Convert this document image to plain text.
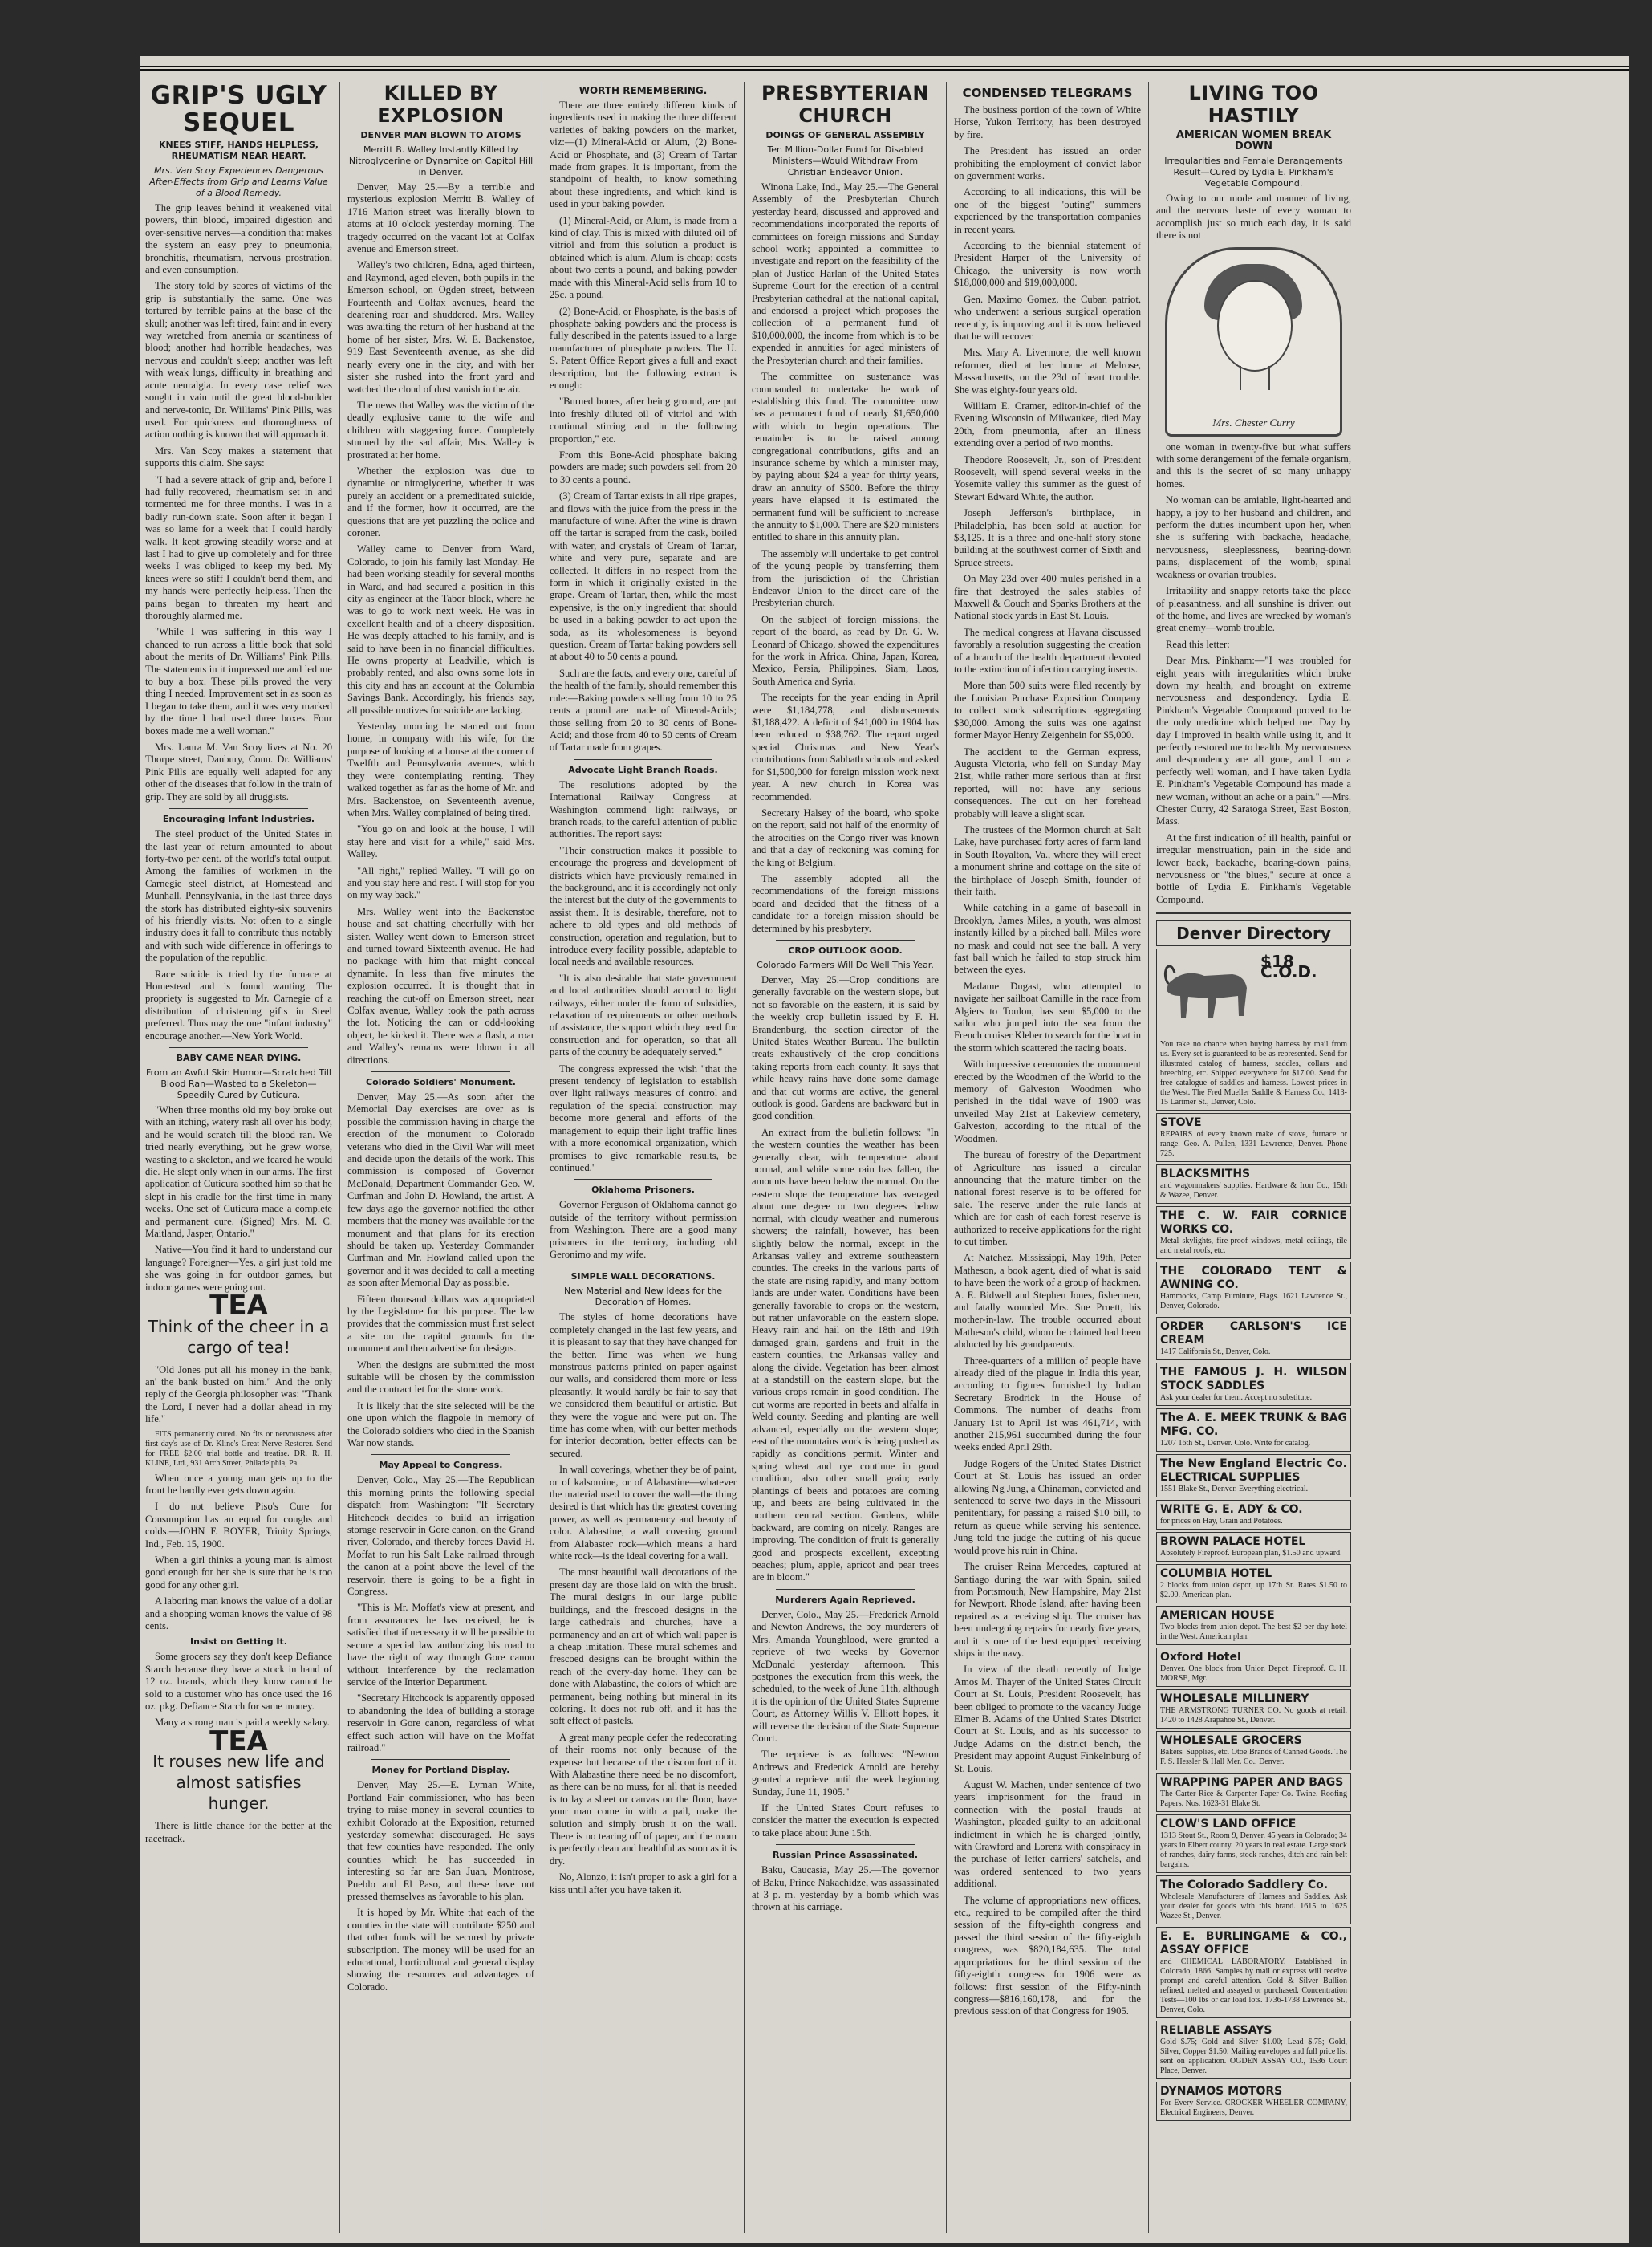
GRIP'S UGLY SEQUEL
KNEES STIFF, HANDS HELPLESS, RHEUMATISM NEAR HEART.
Mrs. Van Scoy Experiences Dangerous After-Effects from Grip and Learns Value of a Blood Remedy.

The grip leaves behind it weakened vital powers, thin blood, impaired digestion and over-sensitive nerves—a condition that makes the system an easy prey to pneumonia, bronchitis, rheumatism, nervous prostration, and even consumption.

The story told by scores of victims of the grip is substantially the same. One was tortured by terrible pains at the base of the skull; another was left tired, faint and in every way wretched from anemia or scantiness of blood; another had horrible headaches, was nervous and couldn't sleep; another was left with weak lungs, difficulty in breathing and acute neuralgia. In every case relief was sought in vain until the great blood-builder and nerve-tonic, Dr. Williams' Pink Pills, was used. For quickness and thoroughness of action nothing is known that will approach it.

Mrs. Van Scoy makes a statement that supports this claim. She says:

"I had a severe attack of grip and, before I had fully recovered, rheumatism set in and tormented me for three months. I was in a badly run-down state. Soon after it began I was so lame for a week that I could hardly walk. It kept growing steadily worse and at last I had to give up completely and for three weeks I was obliged to keep my bed. My knees were so stiff I couldn't bend them, and my hands were perfectly helpless. Then the pains began to threaten my heart and thoroughly alarmed me.

"While I was suffering in this way I chanced to run across a little book that sold about the merits of Dr. Williams' Pink Pills. The statements in it impressed me and led me to buy a box. These pills proved the very thing I needed. Improvement set in as soon as I began to take them, and it was very marked by the time I had used three boxes. Four boxes made me a well woman."

Mrs. Laura M. Van Scoy lives at No. 20 Thorpe street, Danbury, Conn. Dr. Williams' Pink Pills are equally well adapted for any other of the diseases that follow in the train of grip. They are sold by all druggists.

Encouraging Infant Industries.

The steel product of the United States in the last year of return amounted to about forty-two per cent. of the world's total output. Among the families of workmen in the Carnegie steel district, at Homestead and Munhall, Pennsylvania, in the last three days the stork has distributed eighty-six souvenirs of his friendly visits. Not often to a single industry does it fall to contribute thus notably and with such wide difference in offerings to the population of the republic.

Race suicide is tried by the furnace at Homestead and is found wanting. The propriety is suggested to Mr. Carnegie of a distribution of christening gifts in Steel preferred. Thus may the one "infant industry" encourage another.—New York World.

BABY CAME NEAR DYING.
From an Awful Skin Humor—Scratched Till Blood Ran—Wasted to a Skeleton—Speedily Cured by Cuticura.

"When three months old my boy broke out with an itching, watery rash all over his body, and he would scratch till the blood ran. We tried nearly everything, but he grew worse, wasting to a skeleton, and we feared he would die. He slept only when in our arms. The first application of Cuticura soothed him so that he slept in his cradle for the first time in many weeks. One set of Cuticura made a complete and permanent cure. (Signed) Mrs. M. C. Maitland, Jasper, Ontario."

Native—You find it hard to understand our language? Foreigner—Yes, a girl just told me she was going in for outdoor games, but indoor games were going out.

TEA
Think of the cheer in a cargo of tea!

"Old Jones put all his money in the bank, an' the bank busted on him." And the only reply of the Georgia philosopher was: "Thank the Lord, I never had a dollar ahead in my life."

FITS permanently cured. No fits or nervousness after first day's use of Dr. Kline's Great Nerve Restorer. Send for FREE $2.00 trial bottle and treatise. DR. R. H. KLINE, Ltd., 931 Arch Street, Philadelphia, Pa.

When once a young man gets up to the front he hardly ever gets down again.

I do not believe Piso's Cure for Consumption has an equal for coughs and colds.—JOHN F. BOYER, Trinity Springs, Ind., Feb. 15, 1900.

When a girl thinks a young man is almost good enough for her she is sure that he is too good for any other girl.

A laboring man knows the value of a dollar and a shopping woman knows the value of 98 cents.

Insist on Getting It.

Some grocers say they don't keep Defiance Starch because they have a stock in hand of 12 oz. brands, which they know cannot be sold to a customer who has once used the 16 oz. pkg. Defiance Starch for same money.

Many a strong man is paid a weekly salary.

TEA
It rouses new life and almost satisfies hunger.

There is little chance for the better at the racetrack.

KILLED BY EXPLOSION
DENVER MAN BLOWN TO ATOMS
Merritt B. Walley Instantly Killed by Nitroglycerine or Dynamite on Capitol Hill in Denver.

Denver, May 25.—By a terrible and mysterious explosion Merritt B. Walley of 1716 Marion street was literally blown to atoms at 10 o'clock yesterday morning. The tragedy occurred on the vacant lot at Colfax avenue and Emerson street.

Walley's two children, Edna, aged thirteen, and Raymond, aged eleven, both pupils in the Emerson school, on Ogden street, between Fourteenth and Colfax avenues, heard the deafening roar and shuddered. Mrs. Walley was awaiting the return of her husband at the home of her sister, Mrs. W. E. Backenstoe, 919 East Seventeenth avenue, as she did nearly every one in the city, and with her sister she rushed into the front yard and watched the cloud of dust vanish in the air.

The news that Walley was the victim of the deadly explosive came to the wife and children with staggering force. Completely stunned by the sad affair, Mrs. Walley is prostrated at her home.

Whether the explosion was due to dynamite or nitroglycerine, whether it was purely an accident or a premeditated suicide, and if the former, how it occurred, are the questions that are yet puzzling the police and coroner.

Walley came to Denver from Ward, Colorado, to join his family last Monday. He had been working steadily for several months in Ward, and had secured a position in this city as engineer at the Tabor block, where he was to go to work next week. He was in excellent health and of a cheery disposition. He was deeply attached to his family, and is said to have been in no financial difficulties. He owns property at Leadville, which is probably rented, and also owns some lots in this city and has an account at the Columbia Savings Bank. Accordingly, his friends say, all possible motives for suicide are lacking.

Yesterday morning he started out from home, in company with his wife, for the purpose of looking at a house at the corner of Twelfth and Pennsylvania avenues, which they were contemplating renting. They walked together as far as the home of Mr. and Mrs. Backenstoe, on Seventeenth avenue, when Mrs. Walley complained of being tired.

"You go on and look at the house, I will stay here and visit for a while," said Mrs. Walley.

"All right," replied Walley. "I will go on and you stay here and rest. I will stop for you on my way back."

Mrs. Walley went into the Backenstoe house and sat chatting cheerfully with her sister. Walley went down to Emerson street and turned toward Sixteenth avenue. He had no package with him that might conceal dynamite. In less than five minutes the explosion occurred. It is thought that in reaching the cut-off on Emerson street, near Colfax avenue, Walley took the path across the lot. Noticing the can or odd-looking object, he kicked it. There was a flash, a roar and Walley's remains were blown in all directions.

Colorado Soldiers' Monument.

Denver, May 25.—As soon after the Memorial Day exercises are over as is possible the commission having in charge the erection of the monument to Colorado veterans who died in the Civil War will meet and decide upon the details of the work. This commission is composed of Governor McDonald, Department Commander Geo. W. Curfman and John D. Howland, the artist. A few days ago the governor notified the other members that the money was available for the monument and that plans for its erection should be taken up. Yesterday Commander Curfman and Mr. Howland called upon the governor and it was decided to call a meeting as soon after Memorial Day as possible.

Fifteen thousand dollars was appropriated by the Legislature for this purpose. The law provides that the commission must first select a site on the capitol grounds for the monument and then advertise for designs.

When the designs are submitted the most suitable will be chosen by the commission and the contract let for the stone work.

It is likely that the site selected will be the one upon which the flagpole in memory of the Colorado soldiers who died in the Spanish War now stands.

May Appeal to Congress.

Denver, Colo., May 25.—The Republican this morning prints the following special dispatch from Washington: "If Secretary Hitchcock decides to build an irrigation storage reservoir in Gore canon, on the Grand river, Colorado, and thereby forces David H. Moffat to run his Salt Lake railroad through the canon at a point above the level of the reservoir, there is going to be a fight in Congress.

"This is Mr. Moffat's view at present, and from assurances he has received, he is satisfied that if necessary it will be possible to secure a special law authorizing his road to have the right of way through Gore canon without interference by the reclamation service of the Interior Department.

"Secretary Hitchcock is apparently opposed to abandoning the idea of building a storage reservoir in Gore canon, regardless of what effect such action will have on the Moffat railroad."

Money for Portland Display.

Denver, May 25.—E. Lyman White, Portland Fair commissioner, who has been trying to raise money in several counties to exhibit Colorado at the Exposition, returned yesterday somewhat discouraged. He says that few counties have responded. The only counties which he has succeeded in interesting so far are San Juan, Montrose, Pueblo and El Paso, and these have not pressed themselves as favorable to his plan.

It is hoped by Mr. White that each of the counties in the state will contribute $250 and that other funds will be secured by private subscription. The money will be used for an educational, horticultural and general display showing the resources and advantages of Colorado.

WORTH REMEMBERING.

There are three entirely different kinds of ingredients used in making the three different varieties of baking powders on the market, viz:—(1) Mineral-Acid or Alum, (2) Bone-Acid or Phosphate, and (3) Cream of Tartar made from grapes. It is important, from the standpoint of health, to know something about these ingredients, and which kind is used in your baking powder.

(1) Mineral-Acid, or Alum, is made from a kind of clay. This is mixed with diluted oil of vitriol and from this solution a product is obtained which is alum. Alum is cheap; costs about two cents a pound, and baking powder made with this Mineral-Acid sells from 10 to 25c. a pound.

(2) Bone-Acid, or Phosphate, is the basis of phosphate baking powders and the process is fully described in the patents issued to a large manufacturer of phosphate powders. The U. S. Patent Office Report gives a full and exact description, but the following extract is enough:

"Burned bones, after being ground, are put into freshly diluted oil of vitriol and with continual stirring and in the following proportion," etc.

From this Bone-Acid phosphate baking powders are made; such powders sell from 20 to 30 cents a pound.

(3) Cream of Tartar exists in all ripe grapes, and flows with the juice from the press in the manufacture of wine. After the wine is drawn off the tartar is scraped from the cask, boiled with water, and crystals of Cream of Tartar, white and very pure, separate and are collected. It differs in no respect from the form in which it originally existed in the grape. Cream of Tartar, then, while the most expensive, is the only ingredient that should be used in a baking powder to act upon the soda, as its wholesomeness is beyond question. Cream of Tartar baking powders sell at about 40 to 50 cents a pound.

Such are the facts, and every one, careful of the health of the family, should remember this rule:—Baking powders selling from 10 to 25 cents a pound are made of Mineral-Acids; those selling from 20 to 30 cents of Bone-Acid; and those from 40 to 50 cents of Cream of Tartar made from grapes.

Advocate Light Branch Roads.

The resolutions adopted by the International Railway Congress at Washington commend light railways, or branch roads, to the careful attention of public authorities. The report says:

"Their construction makes it possible to encourage the progress and development of districts which have previously remained in the background, and it is accordingly not only the interest but the duty of the governments to assist them. It is desirable, therefore, not to adhere to old types and old methods of construction, operation and regulation, but to introduce every facility possible, adaptable to local needs and available resources.

"It is also desirable that state government and local authorities should accord to light railways, either under the form of subsidies, relaxation of requirements or other methods of assistance, the support which they need for construction and for operation, so that all parts of the country be adequately served."

The congress expressed the wish "that the present tendency of legislation to establish over light railways measures of control and regulation of the special construction may become more general and efforts of the management to equip their light traffic lines with a more economical organization, which promises to give remarkable results, be continued."

Oklahoma Prisoners.

Governor Ferguson of Oklahoma cannot go outside of the territory without permission from Washington. There are a good many prisoners in the territory, including old Geronimo and my wife.

SIMPLE WALL DECORATIONS.
New Material and New Ideas for the Decoration of Homes.

The styles of home decorations have completely changed in the last few years, and it is pleasant to say that they have changed for the better. Time was when we hung monstrous patterns printed on paper against our walls, and considered them more or less pleasantly. It would hardly be fair to say that we considered them beautiful or artistic. But they were the vogue and were put on. The time has come when, with our better methods for interior decoration, better effects can be secured.

In wall coverings, whether they be of paint, or of kalsomine, or of Alabastine—whatever the material used to cover the wall—the thing desired is that which has the greatest covering power, as well as permanency and beauty of color. Alabastine, a wall covering ground from Alabaster rock—which means a hard white rock—is the ideal covering for a wall.

The most beautiful wall decorations of the present day are those laid on with the brush. The mural designs in our large public buildings, and the frescoed designs in the large cathedrals and churches, have a permanency and an art of which wall paper is a cheap imitation. These mural schemes and frescoed designs can be brought within the reach of the every-day home. They can be done with Alabastine, the colors of which are permanent, being nothing but mineral in its coloring. It does not rub off, and it has the soft effect of pastels.

A great many people defer the redecorating of their rooms not only because of the expense but because of the discomfort of it. With Alabastine there need be no discomfort, as there can be no muss, for all that is needed is to lay a sheet or canvas on the floor, have your man come in with a pail, make the solution and simply brush it on the wall. There is no tearing off of paper, and the room is perfectly clean and healthful as soon as it is dry.

No, Alonzo, it isn't proper to ask a girl for a kiss until after you have taken it.

PRESBYTERIAN CHURCH
DOINGS OF GENERAL ASSEMBLY
Ten Million-Dollar Fund for Disabled Ministers—Would Withdraw From Christian Endeavor Union.

Winona Lake, Ind., May 25.—The General Assembly of the Presbyterian Church yesterday heard, discussed and approved and recommendations incorporated the reports of committees on foreign missions and Sunday school work; appointed a committee to investigate and report on the feasibility of the plan of Justice Harlan of the United States Supreme Court for the erection of a central Presbyterian cathedral at the national capital, and endorsed a project which proposes the collection of a permanent fund of $10,000,000, the income from which is to be expended in annuities for aged ministers of the Presbyterian church and their families.

The committee on sustenance was commanded to undertake the work of establishing this fund. The committee now has a permanent fund of nearly $1,650,000 with which to begin operations. The remainder is to be raised among congregational contributions, gifts and an insurance scheme by which a minister may, by paying about $24 a year for thirty years, draw an annuity of $500. Before the thirty years have elapsed it is estimated the permanent fund will be sufficient to increase the annuity to $1,000. There are $20 ministers entitled to share in this annuity plan.

The assembly will undertake to get control of the young people by transferring them from the jurisdiction of the Christian Endeavor Union to the direct care of the Presbyterian church.

On the subject of foreign missions, the report of the board, as read by Dr. G. W. Leonard of Chicago, showed the expenditures for the work in Africa, China, Japan, Korea, Mexico, Persia, Philippines, Siam, Laos, South America and Syria.

The receipts for the year ending in April were $1,184,778, and disbursements $1,188,422. A deficit of $41,000 in 1904 has been reduced to $38,762. The report urged special Christmas and New Year's contributions from Sabbath schools and asked for $1,500,000 for foreign mission work next year. A new church in Korea was recommended.

Secretary Halsey of the board, who spoke on the report, said not half of the enormity of the atrocities on the Congo river was known and that a day of reckoning was coming for the king of Belgium.

The assembly adopted all the recommendations of the foreign missions board and decided that the fitness of a candidate for a foreign mission should be determined by his presbytery.

CROP OUTLOOK GOOD.
Colorado Farmers Will Do Well This Year.

Denver, May 25.—Crop conditions are generally favorable on the western slope, but not so favorable on the eastern, it is said by the weekly crop bulletin issued by F. H. Brandenburg, the section director of the United States Weather Bureau. The bulletin treats exhaustively of the crop conditions taking reports from each county. It says that while heavy rains have done some damage and that cut worms are active, the general outlook is good. Gardens are backward but in good condition.

An extract from the bulletin follows: "In the western counties the weather has been generally clear, with temperature about normal, and while some rain has fallen, the amounts have been below the normal. On the eastern slope the temperature has averaged about one degree or two degrees below normal, with cloudy weather and numerous showers; the rainfall, however, has been slightly below the normal, except in the Arkansas valley and extreme southeastern counties. The creeks in the various parts of the state are rising rapidly, and many bottom lands are under water. Conditions have been generally favorable to crops on the western, but rather unfavorable on the eastern slope. Heavy rain and hail on the 18th and 19th damaged grain, gardens and fruit in the eastern counties, the Arkansas valley and along the divide. Vegetation has been almost at a standstill on the eastern slope, but the various crops remain in good condition. The cut worms are reported in beets and alfalfa in Weld county. Seeding and planting are well advanced, especially on the western slope; east of the mountains work is being pushed as rapidly as conditions permit. Winter and spring wheat and rye continue in good condition, also other small grain; early plantings of beets and potatoes are coming up, and beets are being cultivated in the northern central section. Gardens, while backward, are coming on nicely. Ranges are improving. The condition of fruit is generally good and prospects excellent, excepting peaches; plum, apple, apricot and pear trees are in bloom."

Murderers Again Reprieved.

Denver, Colo., May 25.—Frederick Arnold and Newton Andrews, the boy murderers of Mrs. Amanda Youngblood, were granted a reprieve of two weeks by Governor McDonald yesterday afternoon. This postpones the execution from this week, the scheduled, to the week of June 11th, although it is the opinion of the United States Supreme Court, as Attorney Willis V. Elliott hopes, it will reverse the decision of the State Supreme Court.

The reprieve is as follows: "Newton Andrews and Frederick Arnold are hereby granted a reprieve until the week beginning Sunday, June 11, 1905."

If the United States Court refuses to consider the matter the execution is expected to take place about June 15th.

Russian Prince Assassinated.

Baku, Caucasia, May 25.—The governor of Baku, Prince Nakachidze, was assassinated at 3 p. m. yesterday by a bomb which was thrown at his carriage.

CONDENSED TELEGRAMS

The business portion of the town of White Horse, Yukon Territory, has been destroyed by fire.

The President has issued an order prohibiting the employment of convict labor on government works.

According to all indications, this will be one of the biggest "outing" summers experienced by the transportation companies in recent years.

According to the biennial statement of President Harper of the University of Chicago, the university is now worth $18,000,000 and $19,000,000.

Gen. Maximo Gomez, the Cuban patriot, who underwent a serious surgical operation recently, is improving and it is now believed that he will recover.

Mrs. Mary A. Livermore, the well known reformer, died at her home at Melrose, Massachusetts, on the 23d of heart trouble. She was eighty-four years old.

William E. Cramer, editor-in-chief of the Evening Wisconsin of Milwaukee, died May 20th, from pneumonia, after an illness extending over a period of two months.

Theodore Roosevelt, Jr., son of President Roosevelt, will spend several weeks in the Yosemite valley this summer as the guest of Stewart Edward White, the author.

Joseph Jefferson's birthplace, in Philadelphia, has been sold at auction for $3,125. It is a three and one-half story stone building at the southwest corner of Sixth and Spruce streets.

On May 23d over 400 mules perished in a fire that destroyed the sales stables of Maxwell & Couch and Sparks Brothers at the National stock yards in East St. Louis.

The medical congress at Havana discussed favorably a resolution suggesting the creation of a branch of the health department devoted to the extinction of infection carrying insects.

More than 500 suits were filed recently by the Louisian Purchase Exposition Company to collect stock subscriptions aggregating $30,000. Among the suits was one against former Mayor Henry Zeigenhein for $5,000.

The accident to the German express, Augusta Victoria, who fell on Sunday May 21st, while rather more serious than at first reported, will not have any serious consequences. The cut on her forehead probably will leave a slight scar.

The trustees of the Mormon church at Salt Lake, have purchased forty acres of farm land in South Royalton, Va., where they will erect a monument shrine and cottage on the site of the birthplace of Joseph Smith, founder of their faith.

While catching in a game of baseball in Brooklyn, James Miles, a youth, was almost instantly killed by a pitched ball. Miles wore no mask and could not see the ball. A very fast ball which he failed to stop struck him between the eyes.

Madame Dugast, who attempted to navigate her sailboat Camille in the race from Algiers to Toulon, has sent $5,000 to the sailor who jumped into the sea from the French cruiser Kleber to search for the boat in the storm which scattered the racing boats.

With impressive ceremonies the monument erected by the Woodmen of the World to the memory of Galveston Woodmen who perished in the tidal wave of 1900 was unveiled May 21st at Lakeview cemetery, Galveston, according to the ritual of the Woodmen.

The bureau of forestry of the Department of Agriculture has issued a circular announcing that the mature timber on the national forest reserve is to be offered for sale. The reserve under the rule lands at which are for cash of each forest reserve is authorized to receive applications for the right to cut timber.

At Natchez, Mississippi, May 19th, Peter Matheson, a book agent, died of what is said to have been the work of a group of hackmen. A. E. Bidwell and Stephen Jones, fishermen, and fatally wounded Mrs. Sue Pruett, his mother-in-law. The trouble occurred about Matheson's child, whom he claimed had been abducted by his grandparents.

Three-quarters of a million of people have already died of the plague in India this year, according to figures furnished by Indian Secretary Brodrick in the House of Commons. The number of deaths from January 1st to April 1st was 461,714, with another 215,961 succumbed during the four weeks ended April 29th.

Judge Rogers of the United States District Court at St. Louis has issued an order allowing Ng Jung, a Chinaman, convicted and sentenced to serve two days in the Missouri penitentiary, for passing a raised $10 bill, to return as queue while serving his sentence. Jung told the judge the cutting of his queue would prove his ruin in China.

The cruiser Reina Mercedes, captured at Santiago during the war with Spain, sailed from Portsmouth, New Hampshire, May 21st for Newport, Rhode Island, after having been repaired as a receiving ship. The cruiser has been undergoing repairs for nearly five years, and it is one of the best equipped receiving ships in the navy.

In view of the death recently of Judge Amos M. Thayer of the United States Circuit Court at St. Louis, President Roosevelt, has been obliged to promote to the vacancy Judge Elmer B. Adams of the United States District Court at St. Louis, and as his successor to Judge Adams on the district bench, the President may appoint August Finkelnburg of St. Louis.

August W. Machen, under sentence of two years' imprisonment for the fraud in connection with the postal frauds at Washington, pleaded guilty to an additional indictment in which he is charged jointly, with Crawford and Lorenz with conspiracy in the purchase of letter carriers' satchels, and was ordered sentenced to two years additional.

The volume of appropriations new offices, etc., required to be compiled after the third session of the fifty-eighth congress and passed the third session of the fifty-eighth congress, was $820,184,635. The total appropriations for the third session of the fifty-eighth congress for 1906 were as follows: first session of the Fifty-ninth congress—$816,160,178, and for the previous session of that Congress for 1905.

LIVING TOO HASTILY
AMERICAN WOMEN BREAK DOWN
Irregularities and Female Derangements Result—Cured by Lydia E. Pinkham's Vegetable Compound.

Owing to our mode and manner of living, and the nervous haste of every woman to accomplish just so much each day, it is said there is not

Mrs. Chester Curry

one woman in twenty-five but what suffers with some derangement of the female organism, and this is the secret of so many unhappy homes.

No woman can be amiable, light-hearted and happy, a joy to her husband and children, and perform the duties incumbent upon her, when she is suffering with backache, headache, nervousness, sleeplessness, bearing-down pains, displacement of the womb, spinal weakness or ovarian troubles.

Irritability and snappy retorts take the place of pleasantness, and all sunshine is driven out of the home, and lives are wrecked by woman's great enemy—womb trouble.

Read this letter:

Dear Mrs. Pinkham:—"I was troubled for eight years with irregularities which broke down my health, and brought on extreme nervousness and despondency. Lydia E. Pinkham's Vegetable Compound proved to be the only medicine which helped me. Day by day I improved in health while using it, and it perfectly restored me to health. My nervousness and despondency are all gone, and I am a perfectly well woman, and I have taken Lydia E. Pinkham's Vegetable Compound has made a new woman, without an ache or a pain." —Mrs. Chester Curry, 42 Saratoga Street, East Boston, Mass.

At the first indication of ill health, painful or irregular menstruation, pain in the side and lower back, backache, bearing-down pains, nervousness or "the blues," secure at once a bottle of Lydia E. Pinkham's Vegetable Compound.

Denver Directory
$18 C.O.D.
You take no chance when buying harness by mail from us. Every set is guaranteed to be as represented. Send for illustrated catalog of harness, saddles, collars and breeching, etc. Shipped everywhere for $17.00. Send for free catalogue of saddles and harness. Lowest prices in the West. The Fred Mueller Saddle & Harness Co., 1413-15 Larimer St., Denver, Colo.
STOVE
REPAIRS of every known make of stove, furnace or range. Geo. A. Pullen, 1331 Lawrence, Denver. Phone 725.
BLACKSMITHS
and wagonmakers' supplies. Hardware & Iron Co., 15th & Wazee, Denver.
THE C. W. FAIR CORNICE WORKS CO.
Metal skylights, fire-proof windows, metal ceilings, tile and metal roofs, etc.
THE COLORADO TENT & AWNING CO.
Hammocks, Camp Furniture, Flags. 1621 Lawrence St., Denver, Colorado.
ORDER CARLSON'S ICE CREAM
1417 California St., Denver, Colo.
THE FAMOUS J. H. WILSON STOCK SADDLES
Ask your dealer for them. Accept no substitute.
The A. E. MEEK TRUNK & BAG MFG. CO.
1207 16th St., Denver. Colo. Write for catalog.
The New England Electric Co. ELECTRICAL SUPPLIES
1551 Blake St., Denver. Everything electrical.
WRITE G. E. ADY & CO.
for prices on Hay, Grain and Potatoes.
BROWN PALACE HOTEL
Absolutely Fireproof. European plan, $1.50 and upward.
COLUMBIA HOTEL
2 blocks from union depot, up 17th St. Rates $1.50 to $2.00. American plan.
AMERICAN HOUSE
Two blocks from union depot. The best $2-per-day hotel in the West. American plan.
Oxford Hotel
Denver. One block from Union Depot. Fireproof. C. H. MORSE, Mgr.
WHOLESALE MILLINERY
THE ARMSTRONG TURNER CO. No goods at retail. 1420 to 1428 Arapahoe St., Denver.
WHOLESALE GROCERS
Bakers' Supplies, etc. Otoe Brands of Canned Goods. The F. S. Hessler & Hall Mer. Co., Denver.
WRAPPING PAPER AND BAGS
The Carter Rice & Carpenter Paper Co. Twine. Roofing Papers. Nos. 1623-31 Blake St.
CLOW'S LAND OFFICE
1313 Stout St., Room 9, Denver. 45 years in Colorado; 34 years in Elbert county. 20 years in real estate. Large stock of ranches, dairy farms, stock ranches, ditch and rain belt bargains.
The Colorado Saddlery Co.
Wholesale Manufacturers of Harness and Saddles. Ask your dealer for goods with this brand. 1615 to 1625 Wazee St., Denver.
E. E. BURLINGAME & CO., ASSAY OFFICE
and CHEMICAL LABORATORY. Established in Colorado, 1866. Samples by mail or express will receive prompt and careful attention. Gold & Silver Bullion refined, melted and assayed or purchased. Concentration Tests—100 lbs or car load lots. 1736-1738 Lawrence St., Denver, Colo.
RELIABLE ASSAYS
Gold $.75; Gold and Silver $1.00; Lead $.75; Gold, Silver, Copper $1.50. Mailing envelopes and full price list sent on application. OGDEN ASSAY CO., 1536 Court Place, Denver.
DYNAMOS MOTORS
For Every Service. CROCKER-WHEELER COMPANY, Electrical Engineers, Denver.
